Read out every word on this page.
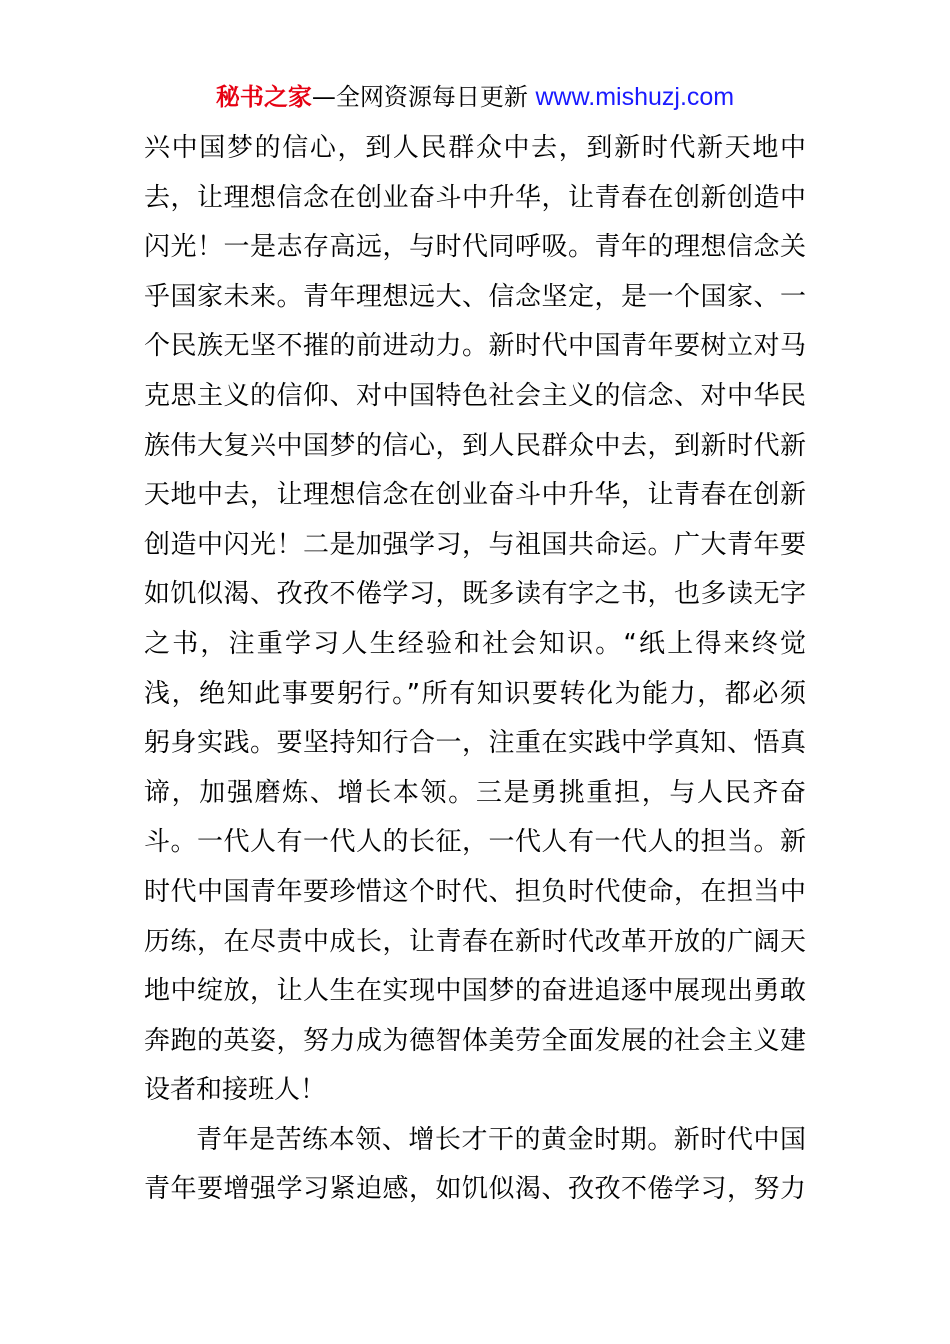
秘书之家—全网资源每日更新 www.mishuzj.com
兴中国梦的信心，到人民群众中去，到新时代新天地中
去，让理想信念在创业奋斗中升华，让青春在创新创造中
闪光！一是志存高远，与时代同呼吸。青年的理想信念关
乎国家未来。青年理想远大、信念坚定，是一个国家、一
个民族无坚不摧的前进动力。新时代中国青年要树立对马
克思主义的信仰、对中国特色社会主义的信念、对中华民
族伟大复兴中国梦的信心，到人民群众中去，到新时代新
天地中去，让理想信念在创业奋斗中升华，让青春在创新
创造中闪光！二是加强学习，与祖国共命运。广大青年要
如饥似渴、孜孜不倦学习，既多读有字之书，也多读无字
之书，注重学习人生经验和社会知识。“纸上得来终觉
浅，绝知此事要躬行。”所有知识要转化为能力，都必须
躬身实践。要坚持知行合一，注重在实践中学真知、悟真
谛，加强磨炼、增长本领。三是勇挑重担，与人民齐奋
斗。一代人有一代人的长征，一代人有一代人的担当。新
时代中国青年要珍惜这个时代、担负时代使命，在担当中
历练，在尽责中成长，让青春在新时代改革开放的广阔天
地中绽放，让人生在实现中国梦的奋进追逐中展现出勇敢
奔跑的英姿，努力成为德智体美劳全面发展的社会主义建
设者和接班人！
青年是苦练本领、增长才干的黄金时期。新时代中国
青年要增强学习紧迫感，如饥似渴、孜孜不倦学习，努力
